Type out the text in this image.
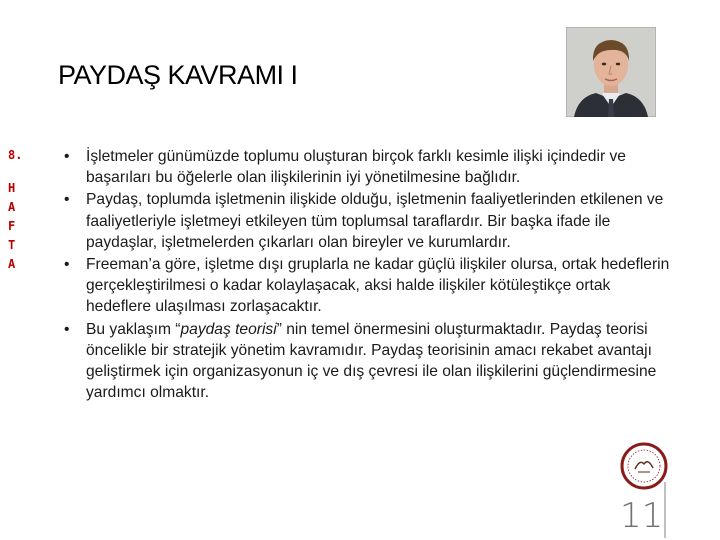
PAYDAŞ KAVRAMI I
8.
H
A
F
T
A
• İşletmeler günümüzde toplumu oluşturan birçok farklı kesimle ilişki içindedir ve başarıları bu öğelerle olan ilişkilerinin iyi yönetilmesine bağlıdır.
• Paydaş, toplumda işletmenin ilişkide olduğu, işletmenin faaliyetlerinden etkilenen ve faaliyetleriyle işletmeyi etkileyen tüm toplumsal taraflardır. Bir başka ifade ile paydaşlar, işletmelerden çıkarları olan bireyler ve kurumlardır.
• Freeman’a göre, işletme dışı gruplarla ne kadar güçlü ilişkiler olursa, ortak hedeflerin gerçekleştirilmesi o kadar kolaylaşacak, aksi halde ilişkiler kötüleştikçe ortak hedeflere ulaşılması zorlaşacaktır.
• Bu yaklaşım “paydaş teorisi” nin temel önermesini oluşturmaktadır. Paydaş teorisi öncelikle bir stratejik yönetim kavramıdır. Paydaş teorisinin amacı rekabet avantajı geliştirmek için organizasyonun iç ve dış çevresi ile olan ilişkilerini güçlendirmesine yardımcı olmaktır.
11
